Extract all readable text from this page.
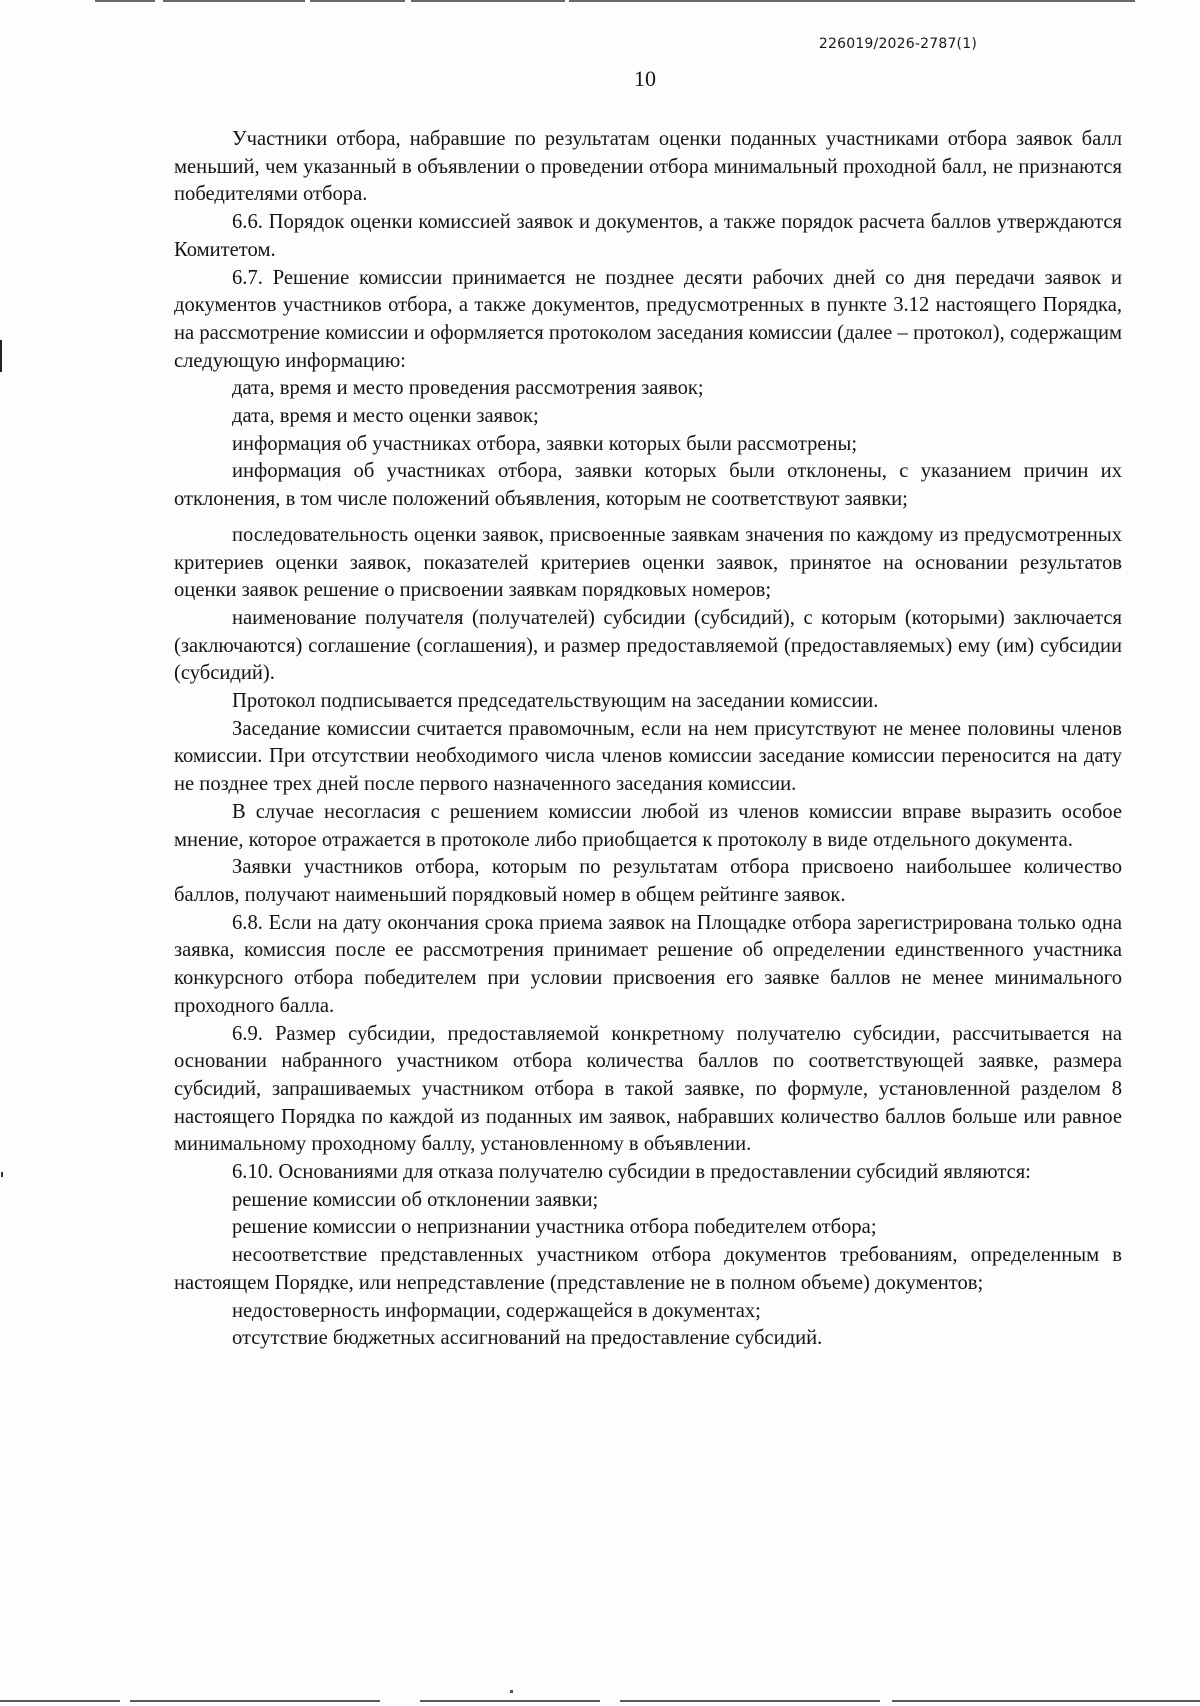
226019/2026-2787(1)
10

Участники отбора, набравшие по результатам оценки поданных участниками отбора заявок балл меньший, чем указанный в объявлении о проведении отбора минимальный проходной балл, не признаются победителями отбора.

6.6. Порядок оценки комиссией заявок и документов, а также порядок расчета баллов утверждаются Комитетом.

6.7. Решение комиссии принимается не позднее десяти рабочих дней со дня передачи заявок и документов участников отбора, а также документов, предусмотренных в пункте 3.12 настоящего Порядка, на рассмотрение комиссии и оформляется протоколом заседания комиссии (далее – протокол), содержащим следующую информацию:

дата, время и место проведения рассмотрения заявок;

дата, время и место оценки заявок;

информация об участниках отбора, заявки которых были рассмотрены;

информация об участниках отбора, заявки которых были отклонены, с указанием причин их отклонения, в том числе положений объявления, которым не соответствуют заявки;

последовательность оценки заявок, присвоенные заявкам значения по каждому из предусмотренных критериев оценки заявок, показателей критериев оценки заявок, принятое на основании результатов оценки заявок решение о присвоении заявкам порядковых номеров;

наименование получателя (получателей) субсидии (субсидий), с которым (которыми) заключается (заключаются) соглашение (соглашения), и размер предоставляемой (предоставляемых) ему (им) субсидии (субсидий).

Протокол подписывается председательствующим на заседании комиссии.

Заседание комиссии считается правомочным, если на нем присутствуют не менее половины членов комиссии. При отсутствии необходимого числа членов комиссии заседание комиссии переносится на дату не позднее трех дней после первого назначенного заседания комиссии.

В случае несогласия с решением комиссии любой из членов комиссии вправе выразить особое мнение, которое отражается в протоколе либо приобщается к протоколу в виде отдельного документа.

Заявки участников отбора, которым по результатам отбора присвоено наибольшее количество баллов, получают наименьший порядковый номер в общем рейтинге заявок.

6.8. Если на дату окончания срока приема заявок на Площадке отбора зарегистрирована только одна заявка, комиссия после ее рассмотрения принимает решение об определении единственного участника конкурсного отбора победителем при условии присвоения его заявке баллов не менее минимального проходного балла.

6.9. Размер субсидии, предоставляемой конкретному получателю субсидии, рассчитывается на основании набранного участником отбора количества баллов по соответствующей заявке, размера субсидий, запрашиваемых участником отбора в такой заявке, по формуле, установленной разделом 8 настоящего Порядка по каждой из поданных им заявок, набравших количество баллов больше или равное минимальному проходному баллу, установленному в объявлении.

6.10. Основаниями для отказа получателю субсидии в предоставлении субсидий являются:

решение комиссии об отклонении заявки;

решение комиссии о непризнании участника отбора победителем отбора;

несоответствие представленных участником отбора документов требованиям, определенным в настоящем Порядке, или непредставление (представление не в полном объеме) документов;

недостоверность информации, содержащейся в документах;

отсутствие бюджетных ассигнований на предоставление субсидий.
